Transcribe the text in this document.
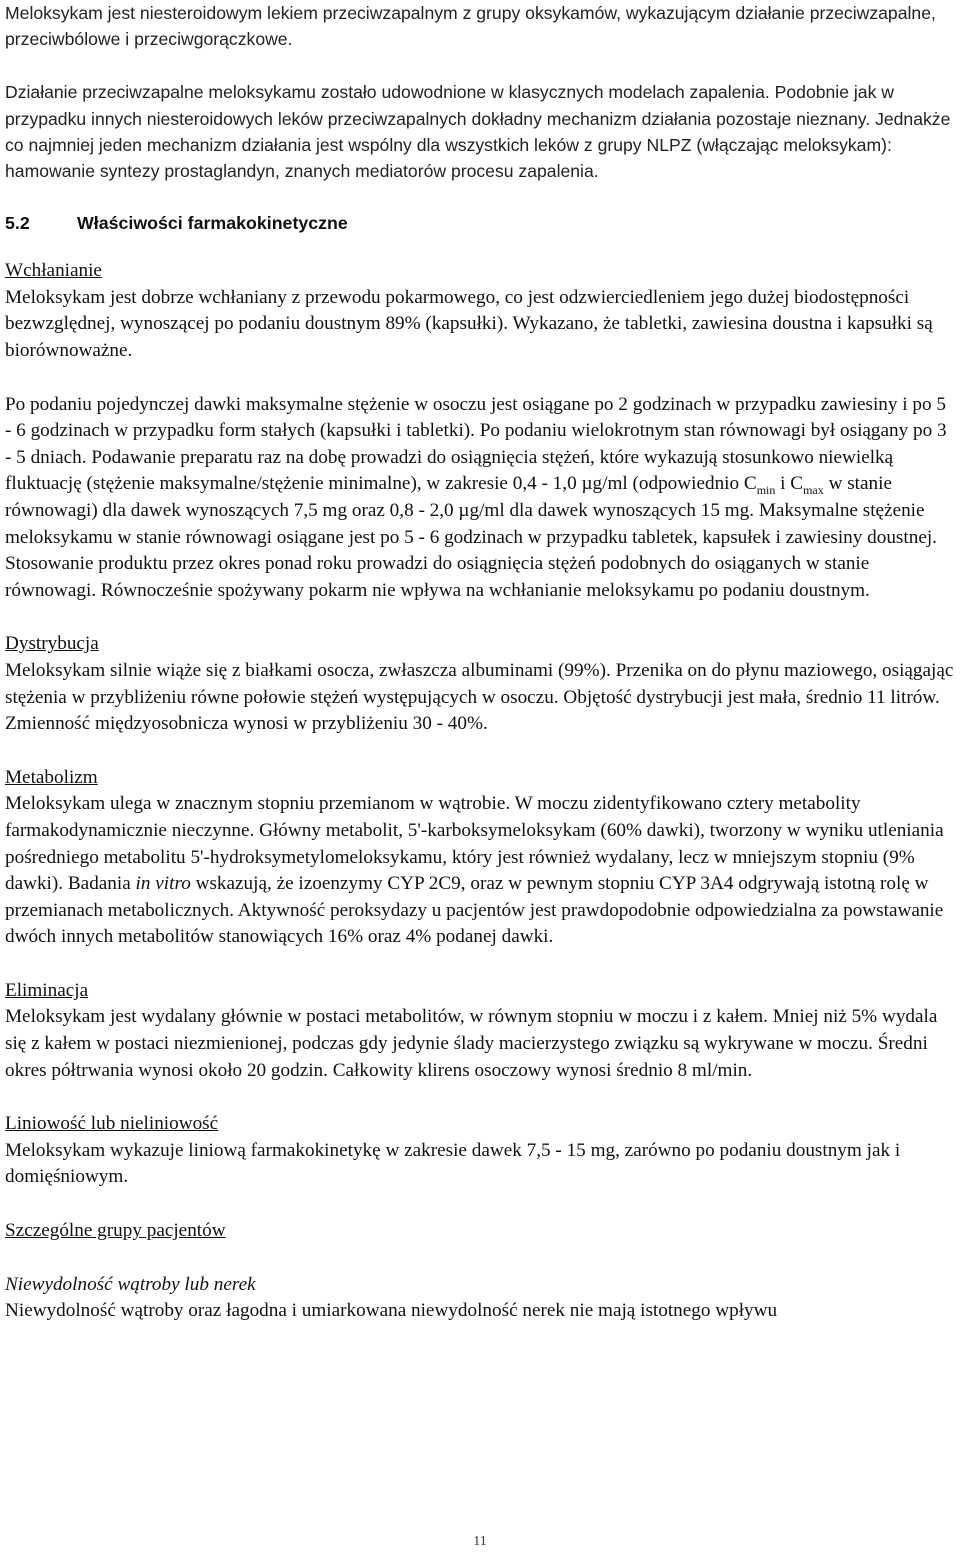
Meloksykam jest niesteroidowym lekiem przeciwzapalnym z grupy oksykamów, wykazującym działanie przeciwzapalne, przeciwbólowe i przeciwgorączkowe.

Działanie przeciwzapalne meloksykamu zostało udowodnione w klasycznych modelach zapalenia. Podobnie jak w przypadku innych niesteroidowych leków przeciwzapalnych dokładny mechanizm działania pozostaje nieznany. Jednakże co najmniej jeden mechanizm działania jest wspólny dla wszystkich leków z grupy NLPZ (włączając meloksykam): hamowanie syntezy prostaglandyn, znanych mediatorów procesu zapalenia.

5.2	Właściwości farmakokinetyczne

Wchłanianie

Meloksykam jest dobrze wchłaniany z przewodu pokarmowego, co jest odzwierciedleniem jego dużej biodostępności bezwzględnej, wynoszącej po podaniu doustnym 89% (kapsułki). Wykazano, że tabletki, zawiesina doustna i kapsułki są biorównoważne.

Po podaniu pojedynczej dawki maksymalne stężenie w osoczu jest osiągane po 2 godzinach w przypadku zawiesiny i po 5 - 6 godzinach w przypadku form stałych (kapsułki i tabletki). Po podaniu wielokrotnym stan równowagi był osiągany po 3 - 5 dniach. Podawanie preparatu raz na dobę prowadzi do osiągnięcia stężeń, które wykazują stosunkowo niewielką fluktuację (stężenie maksymalne/stężenie minimalne), w zakresie 0,4 - 1,0 µg/ml (odpowiednio $C_{min}$ i $C_{max}$ w stanie równowagi) dla dawek wynoszących 7,5 mg oraz 0,8 - 2,0 µg/ml dla dawek wynoszących 15 mg. Maksymalne stężenie meloksykamu w stanie równowagi osiągane jest po 5 - 6 godzinach w przypadku tabletek, kapsułek i zawiesiny doustnej. Stosowanie produktu przez okres ponad roku prowadzi do osiągnięcia stężeń podobnych do osiąganych w stanie równowagi. Równocześnie spożywany pokarm nie wpływa na wchłanianie meloksykamu po podaniu doustnym.

Dystrybucja

Meloksykam silnie wiąże się z białkami osocza, zwłaszcza albuminami (99%). Przenika on do płynu maziowego, osiągając stężenia w przybliżeniu równe połowie stężeń występujących w osoczu. Objętość dystrybucji jest mała, średnio 11 litrów. Zmienność międzyosobnicza wynosi w przybliżeniu 30 - 40%.

Metabolizm

Meloksykam ulega w znacznym stopniu przemianom w wątrobie. W moczu zidentyfikowano cztery metabolity farmakodynamicznie nieczynne. Główny metabolit, 5'-karboksymeloksykam (60% dawki), tworzony w wyniku utleniania pośredniego metabolitu 5'-hydroksymetylomeloksykamu, który jest również wydalany, lecz w mniejszym stopniu (9% dawki). Badania in vitro wskazują, że izoenzymy CYP 2C9, oraz w pewnym stopniu CYP 3A4 odgrywają istotną rolę w przemianach metabolicznych. Aktywność peroksydazy u pacjentów jest prawdopodobnie odpowiedzialna za powstawanie dwóch innych metabolitów stanowiących 16% oraz 4% podanej dawki.

Eliminacja

Meloksykam jest wydalany głównie w postaci metabolitów, w równym stopniu w moczu i z kałem. Mniej niż 5% wydala się z kałem w postaci niezmienionej, podczas gdy jedynie ślady macierzystego związku są wykrywane w moczu. Średni okres półtrwania wynosi około 20 godzin. Całkowity klirens osoczowy wynosi średnio 8 ml/min.

Liniowość lub nieliniowość

Meloksykam wykazuje liniową farmakokinetykę w zakresie dawek 7,5 - 15 mg, zarówno po podaniu doustnym jak i domięśniowym.

Szczególne grupy pacjentów

Niewydolność wątroby lub nerek

Niewydolność wątroby oraz łagodna i umiarkowana niewydolność nerek nie mają istotnego wpływu

11
